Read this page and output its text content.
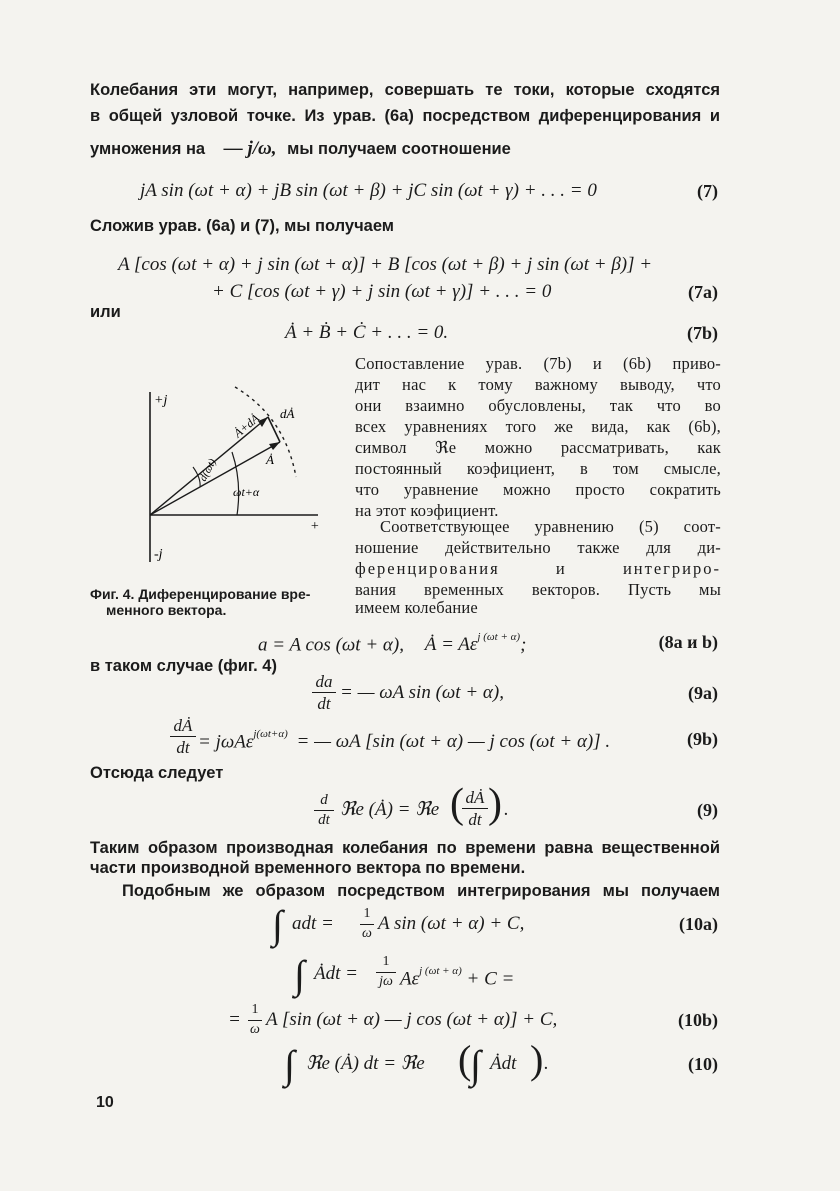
Колебания эти могут, например, совершать те токи, которые сходятся
в общей узловой точке. Из урав. (6а) посредством диференцирования и
умножения на — j/ω, мы получаем соотношение
jA sin (ωt + α) + jB sin (ωt + β) + jC sin (ωt + γ) + . . . = 0	(7)
Сложив урав. (6а) и (7), мы получаем
A [cos (ωt + α) + j sin (ωt + α)] + B [cos (ωt + β) + j sin (ωt + β)] +
+ C [cos (ωt + γ) + j sin (ωt + γ)] + . . . = 0	(7a)
или
Ȧ + Ḃ + Ċ + . . . = 0.	(7b)
+j
-j
+
Ȧ+dȦ dȦ
Ȧ
d(ωt)
ωt+α
Фиг. 4. Диференцирование вре-
менного вектора.
Сопоставление урав. (7b) и (6b) приво-
дит нас к тому важному выводу, что
они взаимно обусловлены, так что во
всех уравнениях того же вида, как (6b),
символ ℜe можно рассматривать, как
постоянный коэфициент, в том смысле,
что уравнение можно просто сократить
на этот коэфициент.
Соответствующее уравнению (5) соот-
ношение действительно также для ди-
ференцирования и интегриро-
вания временных векторов. Пусть мы
имеем колебание
a = A cos (ωt + α), Ȧ = $A\varepsilon^{j (\omega t + \alpha)}$;	(8a и b)
в таком случае (фиг. 4)
da
dt
= — ωA sin (ωt + α),	(9a)
dȦ
dt = jωAε$^{j(\omega t+\alpha)}$ = — ωA [sin (ωt + α) — j cos (ωt + α)] .	(9b)
Отсюда следует
d
dt ℜe (Ȧ) = ℜe ( dȦ
dt ) .	(9)
Таким образом производная колебания по времени равна вещественной
части производной временного вектора по времени.
Подобным же образом посредством интегрирования мы получаем
∫ adt = 1
ω A sin (ωt + α) + C,	(10a)
∫ Ȧdt =
1
jω $A\varepsilon^{j (\omega t + \alpha)} + C$ =
= 1
ω A [sin (ωt + α) — j cos (ωt + α)] + C,	(10b)
∫ ℜe (Ȧ) dt = ℜe (
∫ Ȧdt ) .	(10)
10
